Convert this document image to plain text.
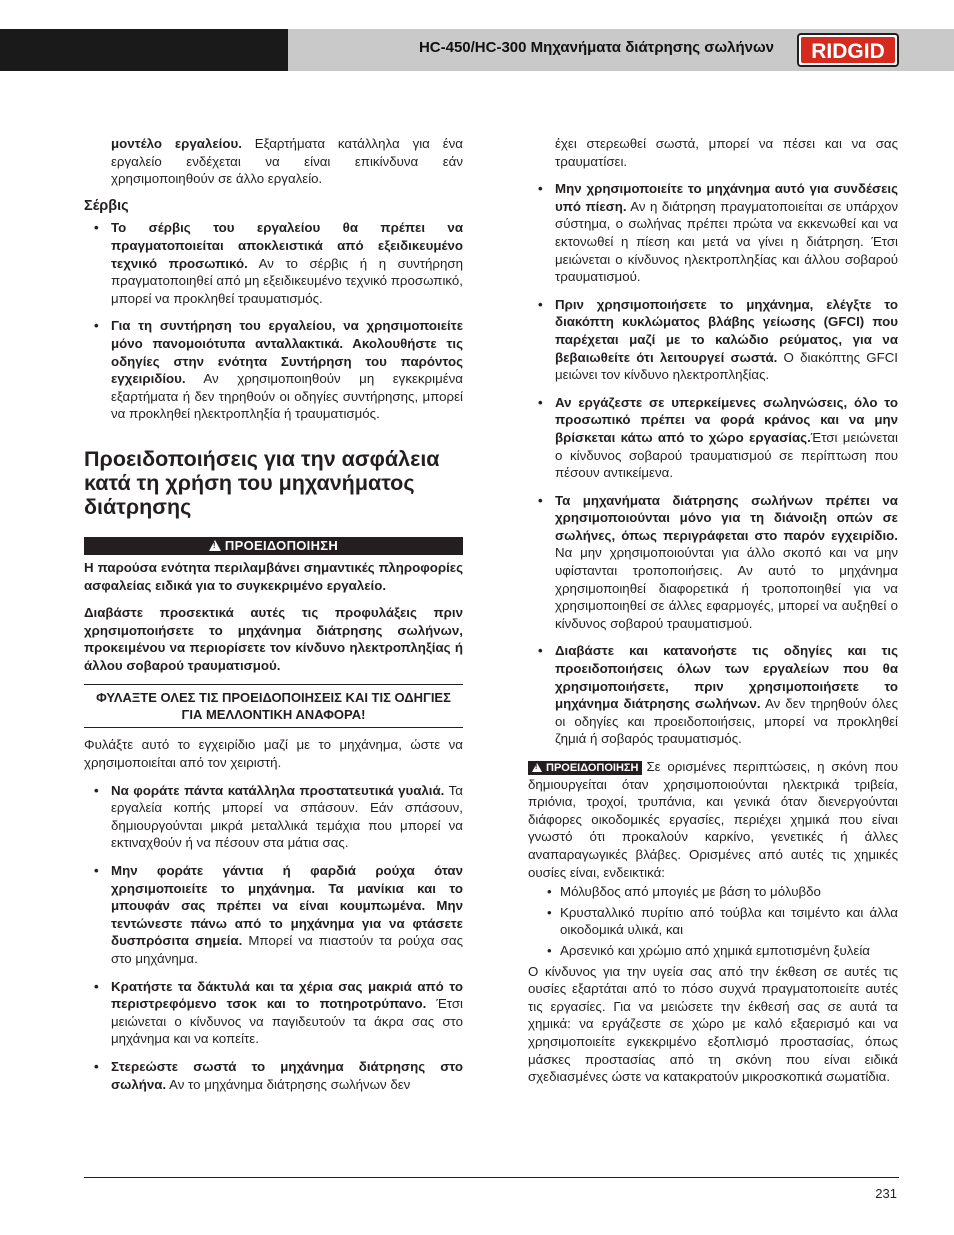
HC-450/HC-300 Μηχανήματα διάτρησης σωλήνων RIDGID

μοντέλο εργαλείου. Εξαρτήματα κατάλληλα για ένα εργαλείο ενδέχεται να είναι επικίνδυνα εάν χρησιμοποιηθούν σε άλλο εργαλείο.

Σέρβις
• Το σέρβις του εργαλείου θα πρέπει να πραγματοποιείται αποκλειστικά από εξειδικευμένο τεχνικό προσωπικό. Αν το σέρβις ή η συντήρηση πραγματοποιηθεί από μη εξειδικευμένο τεχνικό προσωπικό, μπορεί να προκληθεί τραυματισμός.
• Για τη συντήρηση του εργαλείου, να χρησιμοποιείτε μόνο πανομοιότυπα ανταλλακτικά. Ακολουθήστε τις οδηγίες στην ενότητα Συντήρηση του παρόντος εγχειριδίου. Αν χρησιμοποιηθούν μη εγκεκριμένα εξαρτήματα ή δεν τηρηθούν οι οδηγίες συντήρησης, μπορεί να προκληθεί ηλεκτροπληξία ή τραυματισμός.
Προειδοποιήσεις για την ασφάλεια κατά τη χρήση του μηχανήματος διάτρησης
!ΠΡΟΕΙΔΟΠΟΙΗΣΗ

Η παρούσα ενότητα περιλαμβάνει σημαντικές πληροφορίες ασφαλείας ειδικά για το συγκεκριμένο εργαλείο.

Διαβάστε προσεκτικά αυτές τις προφυλάξεις πριν χρησιμοποιήσετε το μηχάνημα διάτρησης σωλήνων, προκειμένου να περιορίσετε τον κίνδυνο ηλεκτροπληξίας ή άλλου σοβαρού τραυματισμού.

ΦΥΛΑΞΤΕ ΟΛΕΣ ΤΙΣ ΠΡΟΕΙΔΟΠΟΙΗΣΕΙΣ ΚΑΙ ΤΙΣ ΟΔΗΓΙΕΣ ΓΙΑ ΜΕΛΛΟΝΤΙΚΗ ΑΝΑΦΟΡΑ!

Φυλάξτε αυτό το εγχειρίδιο μαζί με το μηχάνημα, ώστε να χρησιμοποιείται από τον χειριστή.

• Να φοράτε πάντα κατάλληλα προστατευτικά γυαλιά. Τα εργαλεία κοπής μπορεί να σπάσουν. Εάν σπάσουν, δημιουργούνται μικρά μεταλλικά τεμάχια που μπορεί να εκτιναχθούν ή να πέσουν στα μάτια σας.
• Μην φοράτε γάντια ή φαρδιά ρούχα όταν χρησιμοποιείτε το μηχάνημα. Τα μανίκια και το μπουφάν σας πρέπει να είναι κουμπωμένα. Μην τεντώνεστε πάνω από το μηχάνημα για να φτάσετε δυσπρόσιτα σημεία. Μπορεί να πιαστούν τα ρούχα σας στο μηχάνημα.
• Κρατήστε τα δάκτυλά και τα χέρια σας μακριά από το περιστρεφόμενο τσοκ και το ποτηροτρύπανο. Έτσι μειώνεται ο κίνδυνος να παγιδευτούν τα άκρα σας στο μηχάνημα και να κοπείτε.
• Στερεώστε σωστά το μηχάνημα διάτρησης στο σωλήνα. Αν το μηχάνημα διάτρησης σωλήνων δεν

έχει στερεωθεί σωστά, μπορεί να πέσει και να σας τραυματίσει.

• Μην χρησιμοποιείτε το μηχάνημα αυτό για συνδέσεις υπό πίεση. Αν η διάτρηση πραγματοποιείται σε υπάρχον σύστημα, ο σωλήνας πρέπει πρώτα να εκκενωθεί και να εκτονωθεί η πίεση και μετά να γίνει η διάτρηση. Έτσι μειώνεται ο κίνδυνος ηλεκτροπληξίας και άλλου σοβαρού τραυματισμού.
• Πριν χρησιμοποιήσετε το μηχάνημα, ελέγξτε το διακόπτη κυκλώματος βλάβης γείωσης (GFCI) που παρέχεται μαζί με το καλώδιο ρεύματος, για να βεβαιωθείτε ότι λειτουργεί σωστά. Ο διακόπτης GFCI μειώνει τον κίνδυνο ηλεκτροπληξίας.
• Αν εργάζεστε σε υπερκείμενες σωληνώσεις, όλο το προσωπικό πρέπει να φορά κράνος και να μην βρίσκεται κάτω από το χώρο εργασίας.Έτσι μειώνεται ο κίνδυνος σοβαρού τραυματισμού σε περίπτωση που πέσουν αντικείμενα.
• Τα μηχανήματα διάτρησης σωλήνων πρέπει να χρησιμοποιούνται μόνο για τη διάνοιξη οπών σε σωλήνες, όπως περιγράφεται στο παρόν εγχειρίδιο. Να μην χρησιμοποιούνται για άλλο σκοπό και να μην υφίστανται τροποποιήσεις. Αν αυτό το μηχάνημα χρησιμοποιηθεί διαφορετικά ή τροποποιηθεί για να χρησιμοποιηθεί σε άλλες εφαρμογές, μπορεί να αυξηθεί ο κίνδυνος σοβαρού τραυματισμού.
• Διαβάστε και κατανοήστε τις οδηγίες και τις προειδοποιήσεις όλων των εργαλείων που θα χρησιμοποιήσετε, πριν χρησιμοποιήσετε το μηχάνημα διάτρησης σωλήνων. Αν δεν τηρηθούν όλες οι οδηγίες και προειδοποιήσεις, μπορεί να προκληθεί ζημιά ή σοβαρός τραυματισμός.

!ΠΡΟΕΙΔΟΠΟΙΗΣΗ Σε ορισμένες περιπτώσεις, η σκόνη που δημιουργείται όταν χρησιμοποιούνται ηλεκτρικά τριβεία, πριόνια, τροχοί, τρυπάνια, και γενικά όταν διενεργούνται διάφορες οικοδομικές εργασίες, περιέχει χημικά που είναι γνωστό ότι προκαλούν καρκίνο, γενετικές ή άλλες αναπαραγωγικές βλάβες. Ορισμένες από αυτές τις χημικές ουσίες είναι, ενδεικτικά:

• Μόλυβδος από μπογιές με βάση το μόλυβδο
• Κρυσταλλικό πυρίτιο από τούβλα και τσιμέντο και άλλα οικοδομικά υλικά, και
• Αρσενικό και χρώμιο από χημικά εμποτισμένη ξυλεία

Ο κίνδυνος για την υγεία σας από την έκθεση σε αυτές τις ουσίες εξαρτάται από το πόσο συχνά πραγματοποιείτε αυτές τις εργασίες. Για να μειώσετε την έκθεσή σας σε αυτά τα χημικά: να εργάζεστε σε χώρο με καλό εξαερισμό και να χρησιμοποιείτε εγκεκριμένο εξοπλισμό προστασίας, όπως μάσκες προστασίας από τη σκόνη που είναι ειδικά σχεδιασμένες ώστε να κατακρατούν μικροσκοπικά σωματίδια.

231
